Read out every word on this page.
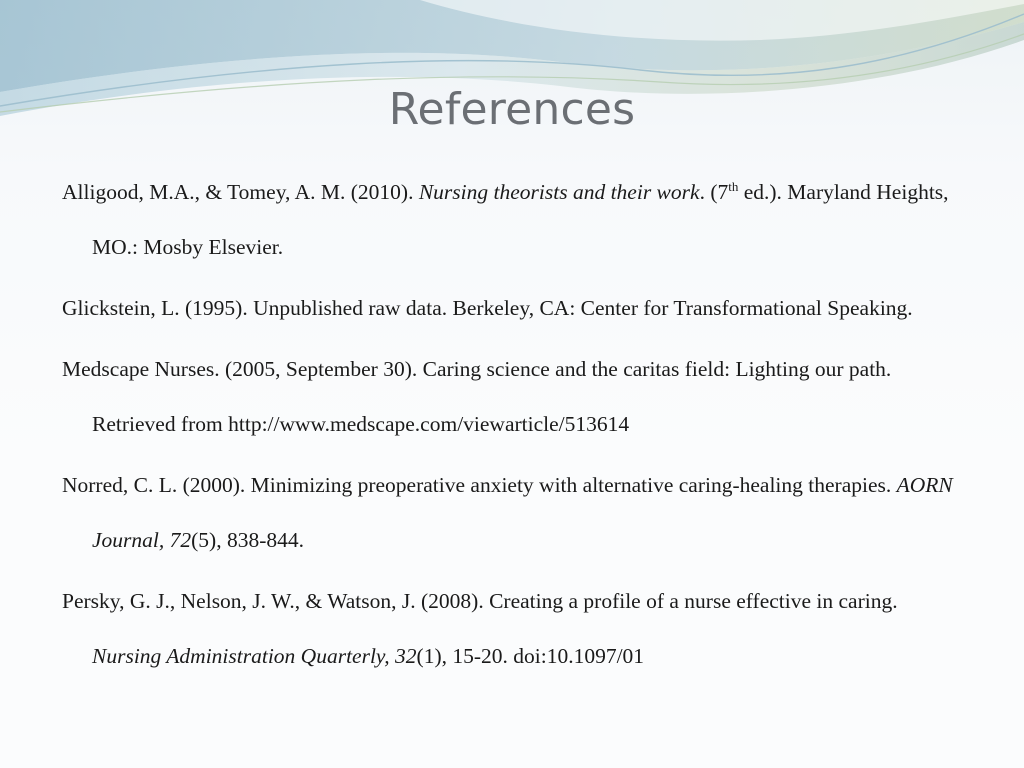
References
Alligood, M.A., & Tomey, A. M. (2010). Nursing theorists and their work. (7th ed.). Maryland Heights, MO.: Mosby Elsevier.
Glickstein, L. (1995). Unpublished raw data. Berkeley, CA: Center for Transformational Speaking.
Medscape Nurses. (2005, September 30). Caring science and the caritas field: Lighting our path. Retrieved from http://www.medscape.com/viewarticle/513614
Norred, C. L. (2000). Minimizing preoperative anxiety with alternative caring-healing therapies. AORN Journal, 72(5), 838-844.
Persky, G. J., Nelson, J. W., & Watson, J. (2008). Creating a profile of a nurse effective in caring. Nursing Administration Quarterly, 32(1), 15-20. doi:10.1097/01
